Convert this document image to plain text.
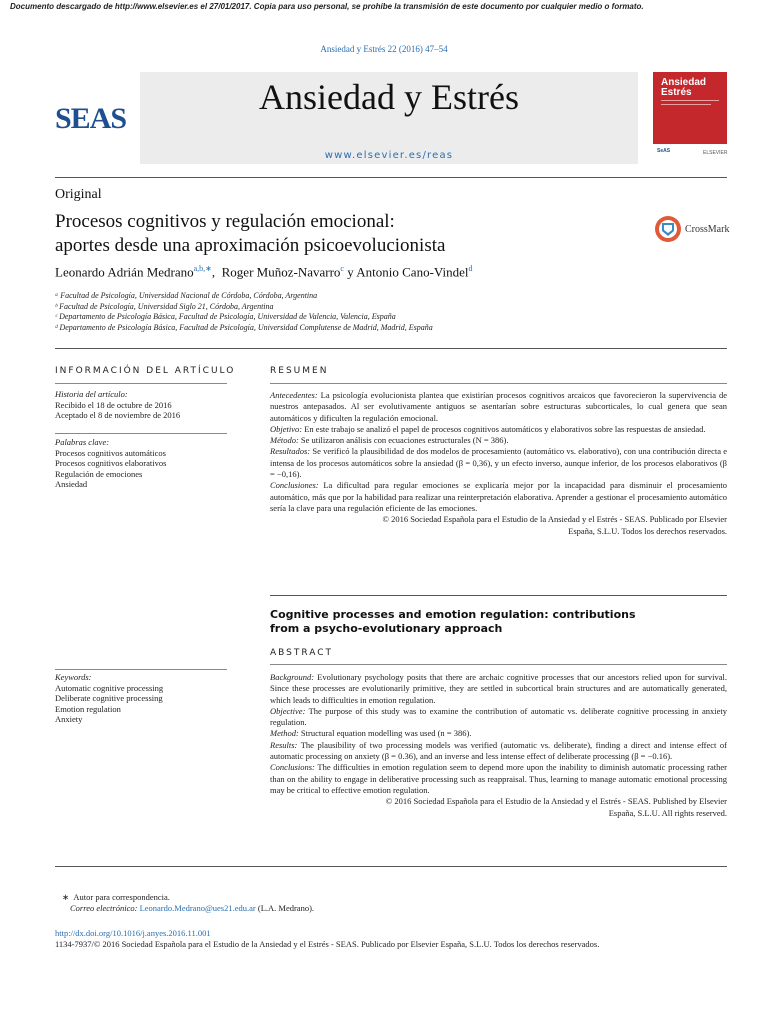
Documento descargado de http://www.elsevier.es el 27/01/2017. Copia para uso personal, se prohíbe la transmisión de este documento por cualquier medio o formato.
Ansiedad y Estrés 22 (2016) 47–54
SEAS
Ansiedad y Estrés
www.elsevier.es/reas
Ansiedad Estrés
SeAS	ELSEVIER
Original
Procesos cognitivos y regulación emocional:
aportes desde una aproximación psicoevolucionista
CrossMark
Leonardo Adrián Medrano$^{a,b,∗}$,  Roger Muñoz-Navarro$^c$ y Antonio Cano-Vindel$^d$
ᵃ Facultad de Psicología, Universidad Nacional de Córdoba, Córdoba, Argentina
ᵇ Facultad de Psicología, Universidad Siglo 21, Córdoba, Argentina
ᶜ Departamento de Psicología Básica, Facultad de Psicología, Universidad de Valencia, Valencia, España
ᵈ Departamento de Psicología Básica, Facultad de Psicología, Universidad Complutense de Madrid, Madrid, España
INFORMACIÓN DEL ARTÍCULO
Historia del artículo:
Recibido el 18 de octubre de 2016
Aceptado el 8 de noviembre de 2016
Palabras clave:
Procesos cognitivos automáticos
Procesos cognitivos elaborativos
Regulación de emociones
Ansiedad
RESUMEN

Antecedentes: La psicología evolucionista plantea que existirían procesos cognitivos arcaicos que favorecieron la supervivencia de nuestros antepasados. Al ser evolutivamente antiguos se asentarían sobre estructuras subcorticales, lo cual genera que sean automáticos y dificulten la regulación emocional.

Objetivo: En este trabajo se analizó el papel de procesos cognitivos automáticos y elaborativos sobre las respuestas de ansiedad.

Método: Se utilizaron análisis con ecuaciones estructurales (N = 386).

Resultados: Se verificó la plausibilidad de dos modelos de procesamiento (automático vs. elaborativo), con una contribución directa e intensa de los procesos automáticos sobre la ansiedad (β = 0,36), y un efecto inverso, aunque inferior, de los procesos elaborativos (β = −0,16).

Conclusiones: La dificultad para regular emociones se explicaría mejor por la incapacidad para disminuir el procesamiento automático, más que por la habilidad para realizar una reinterpretación elaborativa. Aprender a gestionar el procesamiento automático sería la clave para una regulación eficiente de las emociones.

© 2016 Sociedad Española para el Estudio de la Ansiedad y el Estrés - SEAS. Publicado por Elsevier

España, S.L.U. Todos los derechos reservados.

Cognitive processes and emotion regulation: contributions
from a psycho-evolutionary approach
ABSTRACT
Keywords:
Automatic cognitive processing
Deliberate cognitive processing
Emotion regulation
Anxiety

Background: Evolutionary psychology posits that there are archaic cognitive processes that our ancestors relied upon for survival. Since these processes are evolutionarily primitive, they are settled in subcortical brain structures and are automatically generated, which leads to difficulties in emotion regulation.

Objective: The purpose of this study was to examine the contribution of automatic vs. deliberate cognitive processing in anxiety regulation.

Method: Structural equation modelling was used (n = 386).

Results: The plausibility of two processing models was verified (automatic vs. deliberate), finding a direct and intense effect of automatic processing on anxiety (β = 0.36), and an inverse and less intense effect of deliberate processing (β = −0.16).

Conclusions: The difficulties in emotion regulation seem to depend more upon the inability to diminish automatic processing rather than on the ability to engage in deliberative processing such as reappraisal. Thus, learning to manage automatic emotional processing may be critical to effective emotion regulation.

© 2016 Sociedad Española para el Estudio de la Ansiedad y el Estrés - SEAS. Published by Elsevier

España, S.L.U. All rights reserved.

∗ Autor para correspondencia.
Correo electrónico: Leonardo.Medrano@ues21.edu.ar (L.A. Medrano).
http://dx.doi.org/10.1016/j.anyes.2016.11.001
1134-7937/© 2016 Sociedad Española para el Estudio de la Ansiedad y el Estrés - SEAS. Publicado por Elsevier España, S.L.U. Todos los derechos reservados.
